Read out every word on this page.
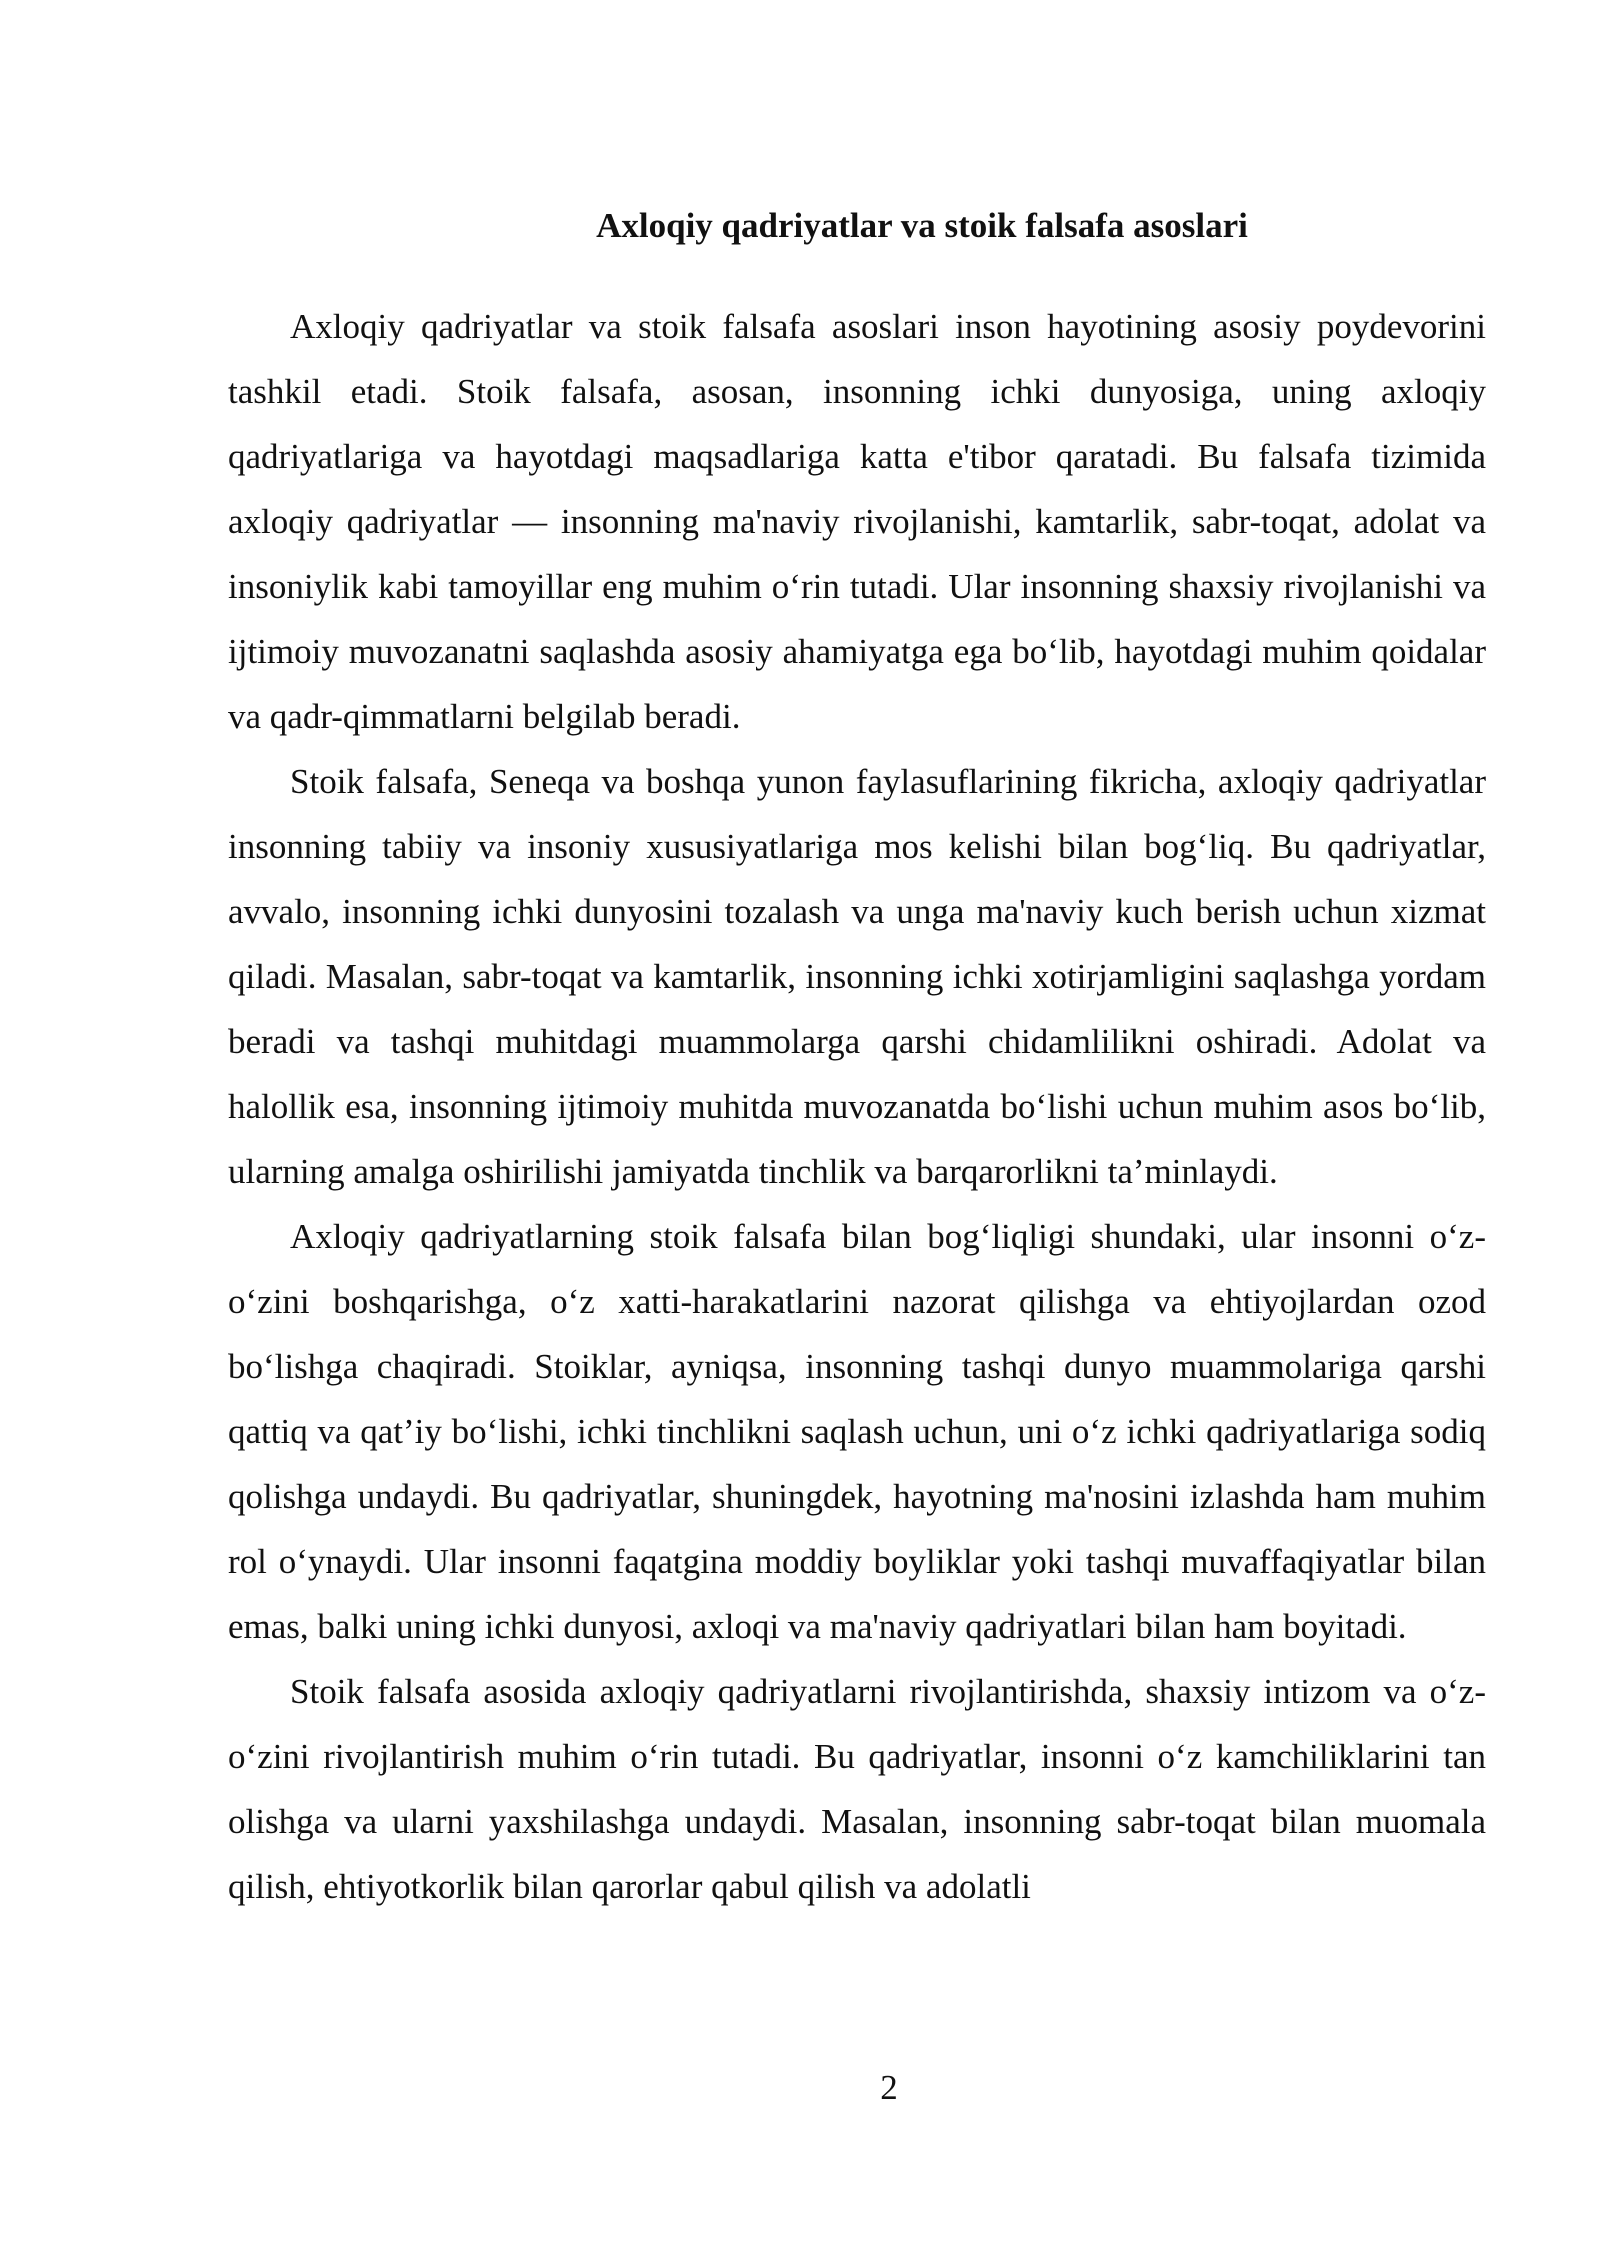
Axloqiy qadriyatlar va stoik falsafa asoslari

Axloqiy qadriyatlar va stoik falsafa asoslari inson hayotining asosiy poydevorini tashkil etadi. Stoik falsafa, asosan, insonning ichki dunyosiga, uning axloqiy qadriyatlariga va hayotdagi maqsadlariga katta e'tibor qaratadi. Bu falsafa tizimida axloqiy qadriyatlar — insonning ma'naviy rivojlanishi, kamtarlik, sabr-toqat, adolat va insoniylik kabi tamoyillar eng muhim o‘rin tutadi. Ular insonning shaxsiy rivojlanishi va ijtimoiy muvozanatni saqlashda asosiy ahamiyatga ega bo‘lib, hayotdagi muhim qoidalar va qadr-qimmatlarni belgilab beradi.

Stoik falsafa, Seneqa va boshqa yunon faylasuflarining fikricha, axloqiy qadriyatlar insonning tabiiy va insoniy xususiyatlariga mos kelishi bilan bog‘liq. Bu qadriyatlar, avvalo, insonning ichki dunyosini tozalash va unga ma'naviy kuch berish uchun xizmat qiladi. Masalan, sabr-toqat va kamtarlik, insonning ichki xotirjamligini saqlashga yordam beradi va tashqi muhitdagi muammolarga qarshi chidamlilikni oshiradi. Adolat va halollik esa, insonning ijtimoiy muhitda muvozanatda bo‘lishi uchun muhim asos bo‘lib, ularning amalga oshirilishi jamiyatda tinchlik va barqarorlikni ta’minlaydi.

Axloqiy qadriyatlarning stoik falsafa bilan bog‘liqligi shundaki, ular insonni o‘z-o‘zini boshqarishga, o‘z xatti-harakatlarini nazorat qilishga va ehtiyojlardan ozod bo‘lishga chaqiradi. Stoiklar, ayniqsa, insonning tashqi dunyo muammolariga qarshi qattiq va qat’iy bo‘lishi, ichki tinchlikni saqlash uchun, uni o‘z ichki qadriyatlariga sodiq qolishga undaydi. Bu qadriyatlar, shuningdek, hayotning ma'nosini izlashda ham muhim rol o‘ynaydi. Ular insonni faqatgina moddiy boyliklar yoki tashqi muvaffaqiyatlar bilan emas, balki uning ichki dunyosi, axloqi va ma'naviy qadriyatlari bilan ham boyitadi.

Stoik falsafa asosida axloqiy qadriyatlarni rivojlantirishda, shaxsiy intizom va o‘z-o‘zini rivojlantirish muhim o‘rin tutadi. Bu qadriyatlar, insonni o‘z kamchiliklarini tan olishga va ularni yaxshilashga undaydi. Masalan, insonning sabr-toqat bilan muomala qilish, ehtiyotkorlik bilan qarorlar qabul qilish va adolatli

2
